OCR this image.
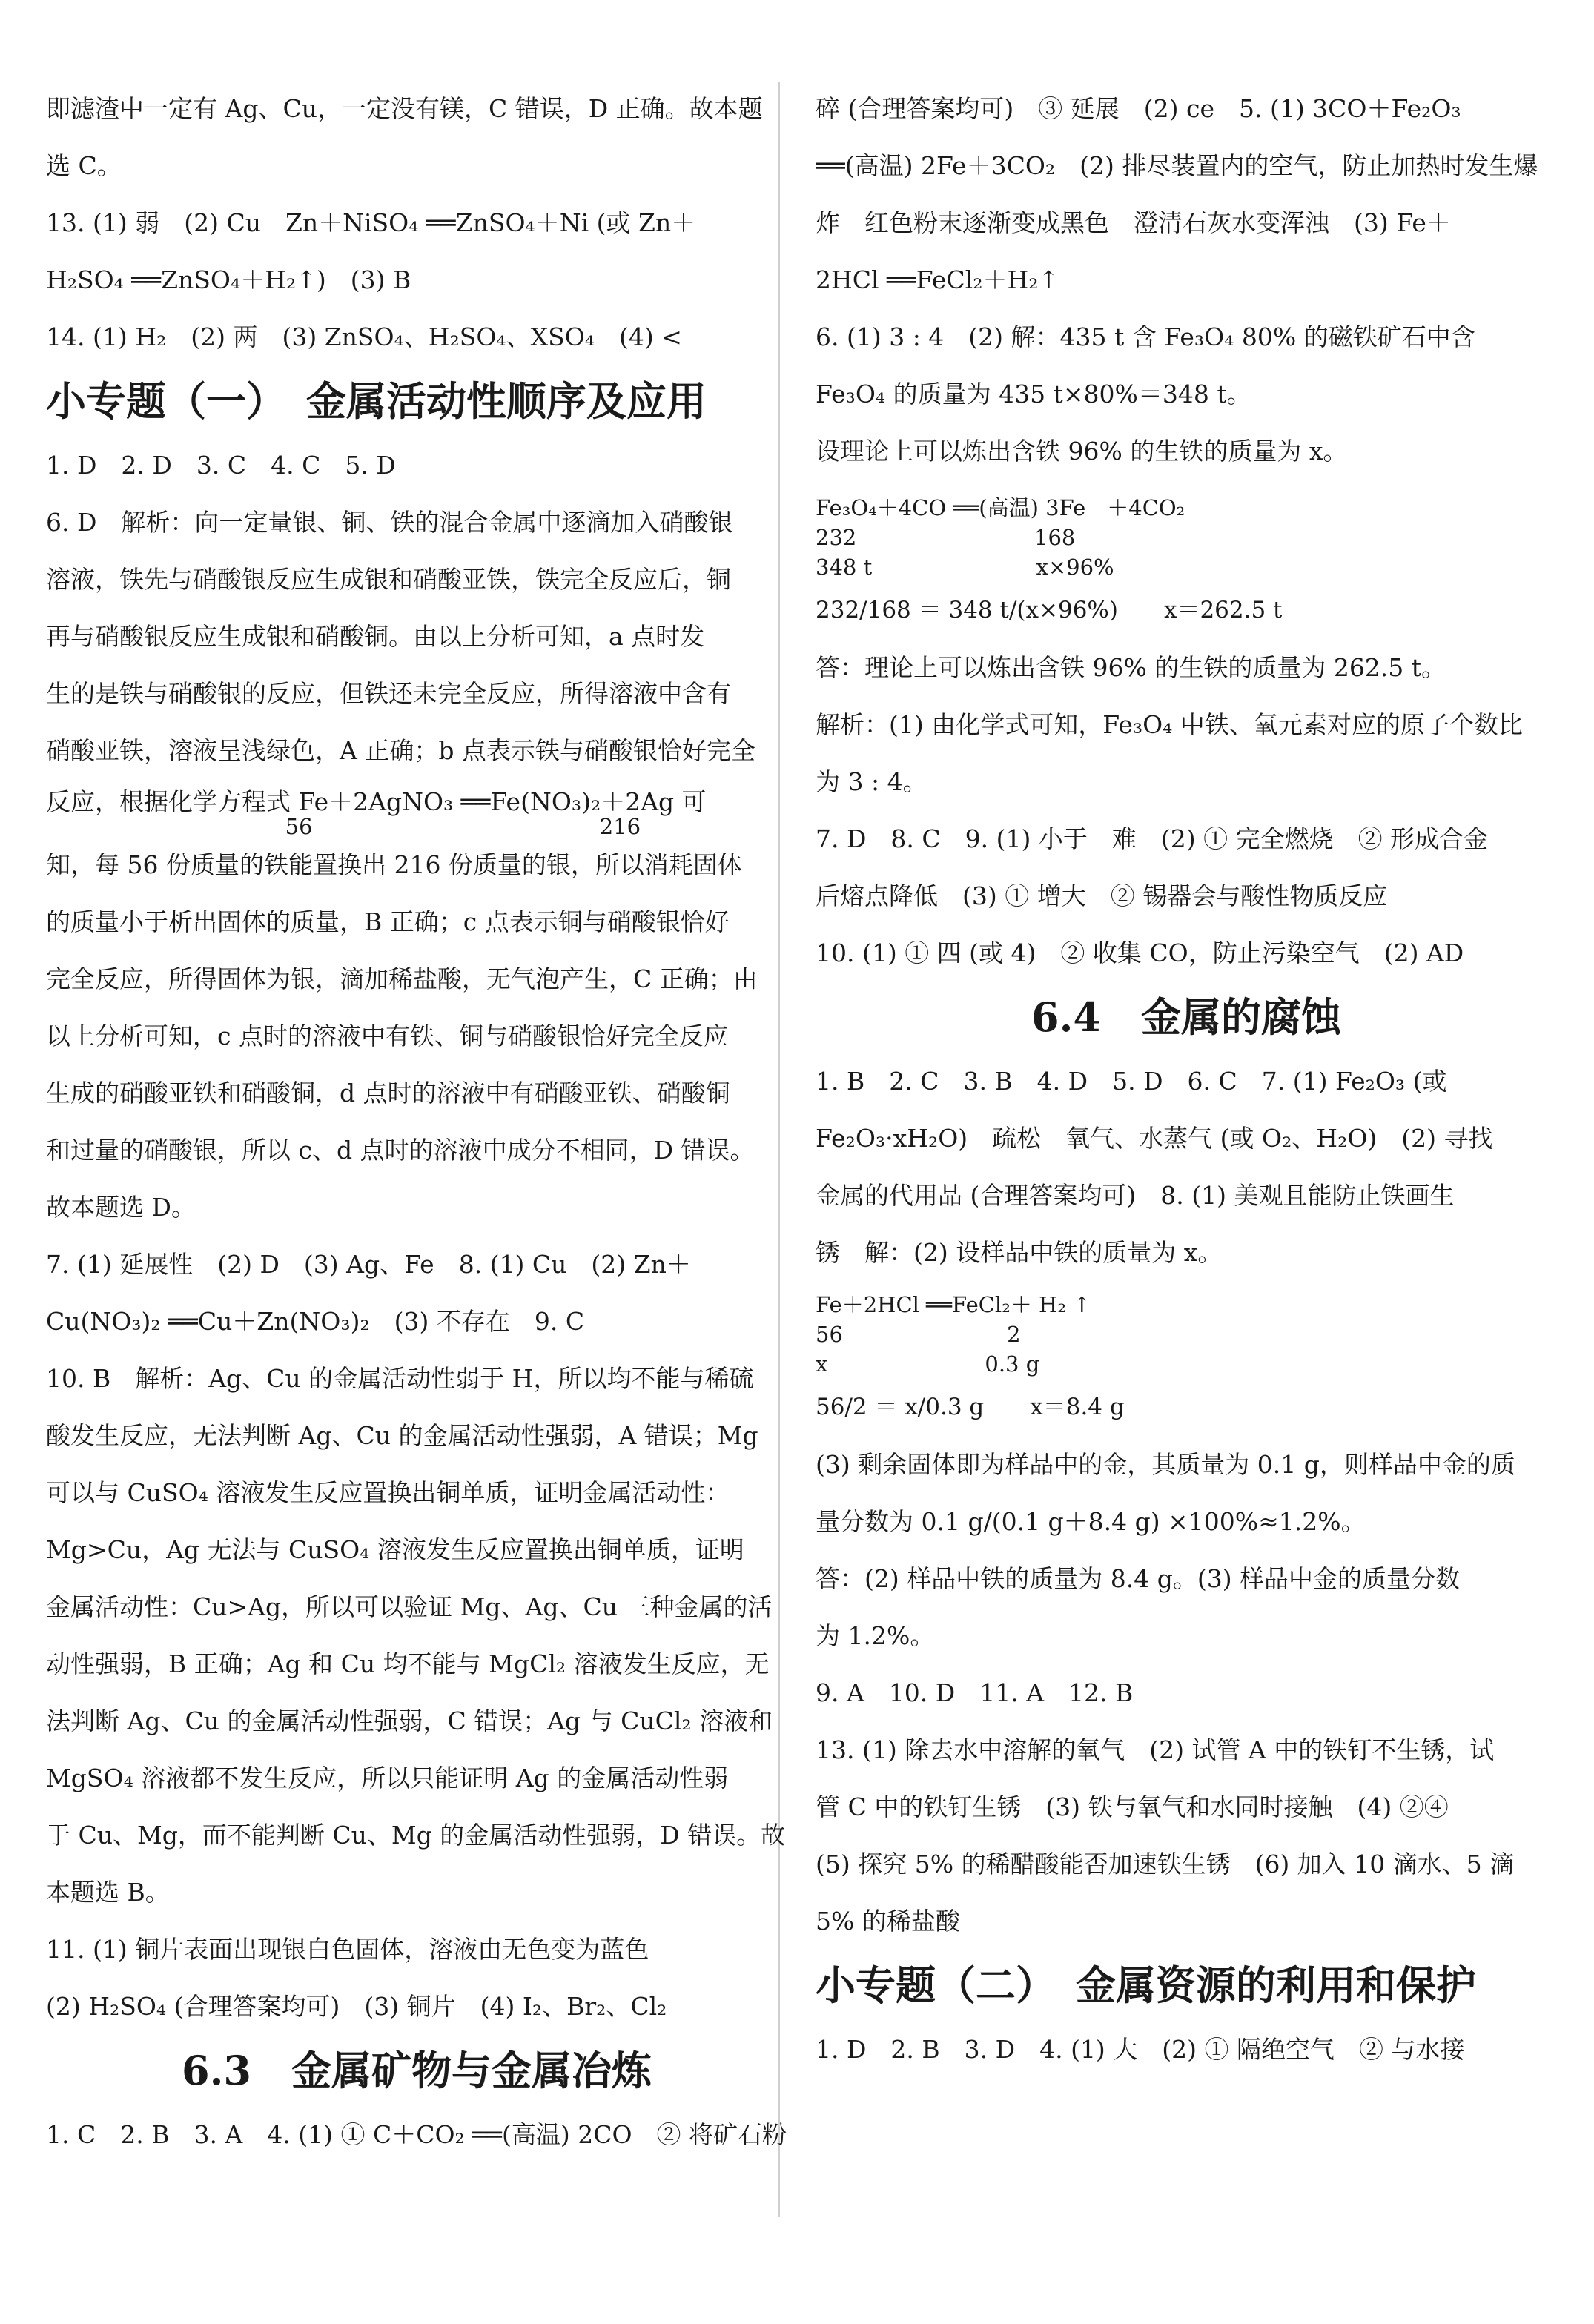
即滤渣中一定有 Ag、Cu，一定没有镁，C 错误，D 正确。故本题

选 C。

13. (1) 弱　(2) Cu　Zn＋NiSO₄ ══ZnSO₄＋Ni (或 Zn＋

H₂SO₄ ══ZnSO₄＋H₂↑)　(3) B

14. (1) H₂　(2) 两　(3) ZnSO₄、H₂SO₄、XSO₄　(4) <

小专题（一）　金属活动性顺序及应用

1. D　2. D　3. C　4. C　5. D

6. D　解析：向一定量银、铜、铁的混合金属中逐滴加入硝酸银

溶液，铁先与硝酸银反应生成银和硝酸亚铁，铁完全反应后，铜

再与硝酸银反应生成银和硝酸铜。由以上分析可知，a 点时发

生的是铁与硝酸银的反应，但铁还未完全反应，所得溶液中含有

硝酸亚铁，溶液呈浅绿色，A 正确；b 点表示铁与硝酸银恰好完全

反应，根据化学方程式 Fe＋2AgNO₃ ══Fe(NO₃)₂＋2Ag 可

56                                          216

知，每 56 份质量的铁能置换出 216 份质量的银，所以消耗固体

的质量小于析出固体的质量，B 正确；c 点表示铜与硝酸银恰好

完全反应，所得固体为银，滴加稀盐酸，无气泡产生，C 正确；由

以上分析可知，c 点时的溶液中有铁、铜与硝酸银恰好完全反应

生成的硝酸亚铁和硝酸铜，d 点时的溶液中有硝酸亚铁、硝酸铜

和过量的硝酸银，所以 c、d 点时的溶液中成分不相同，D 错误。

故本题选 D。

7. (1) 延展性　(2) D　(3) Ag、Fe　8. (1) Cu　(2) Zn＋

Cu(NO₃)₂ ══Cu＋Zn(NO₃)₂　(3) 不存在　9. C

10. B　解析：Ag、Cu 的金属活动性弱于 H，所以均不能与稀硫

酸发生反应，无法判断 Ag、Cu 的金属活动性强弱，A 错误；Mg

可以与 CuSO₄ 溶液发生反应置换出铜单质，证明金属活动性：

Mg>Cu，Ag 无法与 CuSO₄ 溶液发生反应置换出铜单质，证明

金属活动性：Cu>Ag，所以可以验证 Mg、Ag、Cu 三种金属的活

动性强弱，B 正确；Ag 和 Cu 均不能与 MgCl₂ 溶液发生反应，无

法判断 Ag、Cu 的金属活动性强弱，C 错误；Ag 与 CuCl₂ 溶液和

MgSO₄ 溶液都不发生反应，所以只能证明 Ag 的金属活动性弱

于 Cu、Mg，而不能判断 Cu、Mg 的金属活动性强弱，D 错误。故

本题选 B。

11. (1) 铜片表面出现银白色固体，溶液由无色变为蓝色

(2) H₂SO₄ (合理答案均可)　(3) 铜片　(4) I₂、Br₂、Cl₂

6.3　金属矿物与金属冶炼

1. C　2. B　3. A　4. (1) ① C＋CO₂ ══(高温) 2CO　② 将矿石粉

碎 (合理答案均可)　③ 延展　(2) ce　5. (1) 3CO＋Fe₂O₃

══(高温) 2Fe＋3CO₂　(2) 排尽装置内的空气，防止加热时发生爆

炸　红色粉末逐渐变成黑色　澄清石灰水变浑浊　(3) Fe＋

2HCl ══FeCl₂＋H₂↑

6. (1) 3 : 4　(2) 解：435 t 含 Fe₃O₄ 80% 的磁铁矿石中含

Fe₃O₄ 的质量为 435 t×80%＝348 t。

设理论上可以炼出含铁 96% 的生铁的质量为 x。

Fe₃O₄＋4CO ══(高温) 3Fe　＋4CO₂

232                          168

348 t                        x×96%

232/168 ＝ 348 t/(x×96%)　　x＝262.5 t

答：理论上可以炼出含铁 96% 的生铁的质量为 262.5 t。

解析：(1) 由化学式可知，Fe₃O₄ 中铁、氧元素对应的原子个数比

为 3 : 4。

7. D　8. C　9. (1) 小于　难　(2) ① 完全燃烧　② 形成合金

后熔点降低　(3) ① 增大　② 锡器会与酸性物质反应

10. (1) ① 四 (或 4)　② 收集 CO，防止污染空气　(2) AD

6.4　金属的腐蚀

1. B　2. C　3. B　4. D　5. D　6. C　7. (1) Fe₂O₃ (或

Fe₂O₃·xH₂O)　疏松　氧气、水蒸气 (或 O₂、H₂O)　(2) 寻找

金属的代用品 (合理答案均可)　8. (1) 美观且能防止铁画生

锈　解：(2) 设样品中铁的质量为 x。

Fe＋2HCl ══FeCl₂＋ H₂ ↑

56                        2

x                       0.3 g

56/2 ＝ x/0.3 g　　x＝8.4 g

(3) 剩余固体即为样品中的金，其质量为 0.1 g，则样品中金的质

量分数为 0.1 g/(0.1 g＋8.4 g) ×100%≈1.2%。

答：(2) 样品中铁的质量为 8.4 g。(3) 样品中金的质量分数

为 1.2%。

9. A　10. D　11. A　12. B

13. (1) 除去水中溶解的氧气　(2) 试管 A 中的铁钉不生锈，试

管 C 中的铁钉生锈　(3) 铁与氧气和水同时接触　(4) ②④

(5) 探究 5% 的稀醋酸能否加速铁生锈　(6) 加入 10 滴水、5 滴

5% 的稀盐酸

小专题（二）　金属资源的利用和保护

1. D　2. B　3. D　4. (1) 大　(2) ① 隔绝空气　② 与水接
